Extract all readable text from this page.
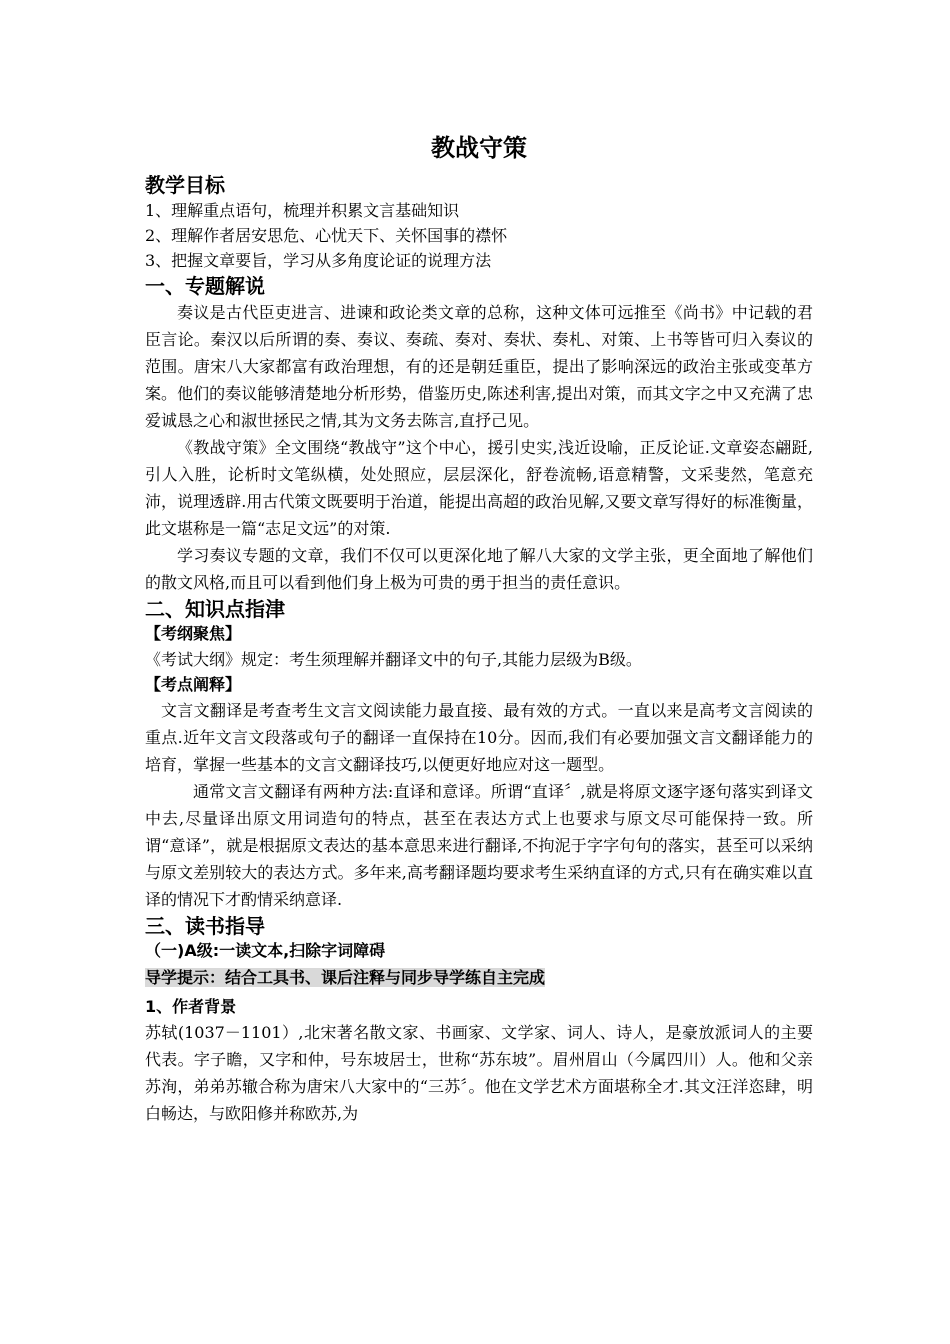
教战守策
教学目标
1、理解重点语句，梳理并积累文言基础知识
2、理解作者居安思危、心忧天下、关怀国事的襟怀
3、把握文章要旨，学习从多角度论证的说理方法
一、专题解说
奏议是古代臣吏进言、进谏和政论类文章的总称，这种文体可远推至《尚书》中记载的君臣言论。秦汉以后所谓的奏、奏议、奏疏、奏对、奏状、奏札、对策、上书等皆可归入奏议的范围。唐宋八大家都富有政治理想，有的还是朝廷重臣，提出了影响深远的政治主张或变革方案。他们的奏议能够清楚地分析形势，借鉴历史,陈述利害,提出对策，而其文字之中又充满了忠爱诚恳之心和淑世拯民之情,其为文务去陈言,直抒己见。
《教战守策》全文围绕“教战守”这个中心，援引史实,浅近设喻，正反论证.文章姿态翩跹,引人入胜，论析时文笔纵横，处处照应，层层深化，舒卷流畅,语意精警，文采斐然，笔意充沛，说理透辟.用古代策文既要明于治道，能提出高超的政治见解,又要文章写得好的标准衡量，此文堪称是一篇“志足文远”的对策.
学习奏议专题的文章，我们不仅可以更深化地了解八大家的文学主张，更全面地了解他们的散文风格,而且可以看到他们身上极为可贵的勇于担当的责任意识。
二、知识点指津
【考纲聚焦】
《考试大纲》规定：考生须理解并翻译文中的句子,其能力层级为B级。
【考点阐释】
文言文翻译是考查考生文言文阅读能力最直接、最有效的方式。一直以来是高考文言阅读的重点.近年文言文段落或句子的翻译一直保持在10分。因而,我们有必要加强文言文翻译能力的培育，掌握一些基本的文言文翻译技巧,以便更好地应对这一题型。
通常文言文翻译有两种方法:直译和意译。所谓“直译〞,就是将原文逐字逐句落实到译文中去,尽量译出原文用词造句的特点，甚至在表达方式上也要求与原文尽可能保持一致。所谓“意译”，就是根据原文表达的基本意思来进行翻译,不拘泥于字字句句的落实，甚至可以采纳与原文差别较大的表达方式。多年来,高考翻译题均要求考生采纳直译的方式,只有在确实难以直译的情况下才酌情采纳意译.
三、读书指导
（一)A级:一读文本,扫除字词障碍
导学提示：结合工具书、课后注释与同步导学练自主完成
1、作者背景
苏轼(1037－1101）,北宋著名散文家、书画家、文学家、词人、诗人，是豪放派词人的主要代表。字子瞻，又字和仲，号东坡居士，世称“苏东坡”。眉州眉山（今属四川）人。他和父亲苏洵，弟弟苏辙合称为唐宋八大家中的“三苏〞。他在文学艺术方面堪称全才.其文汪洋恣肆，明白畅达，与欧阳修并称欧苏,为
